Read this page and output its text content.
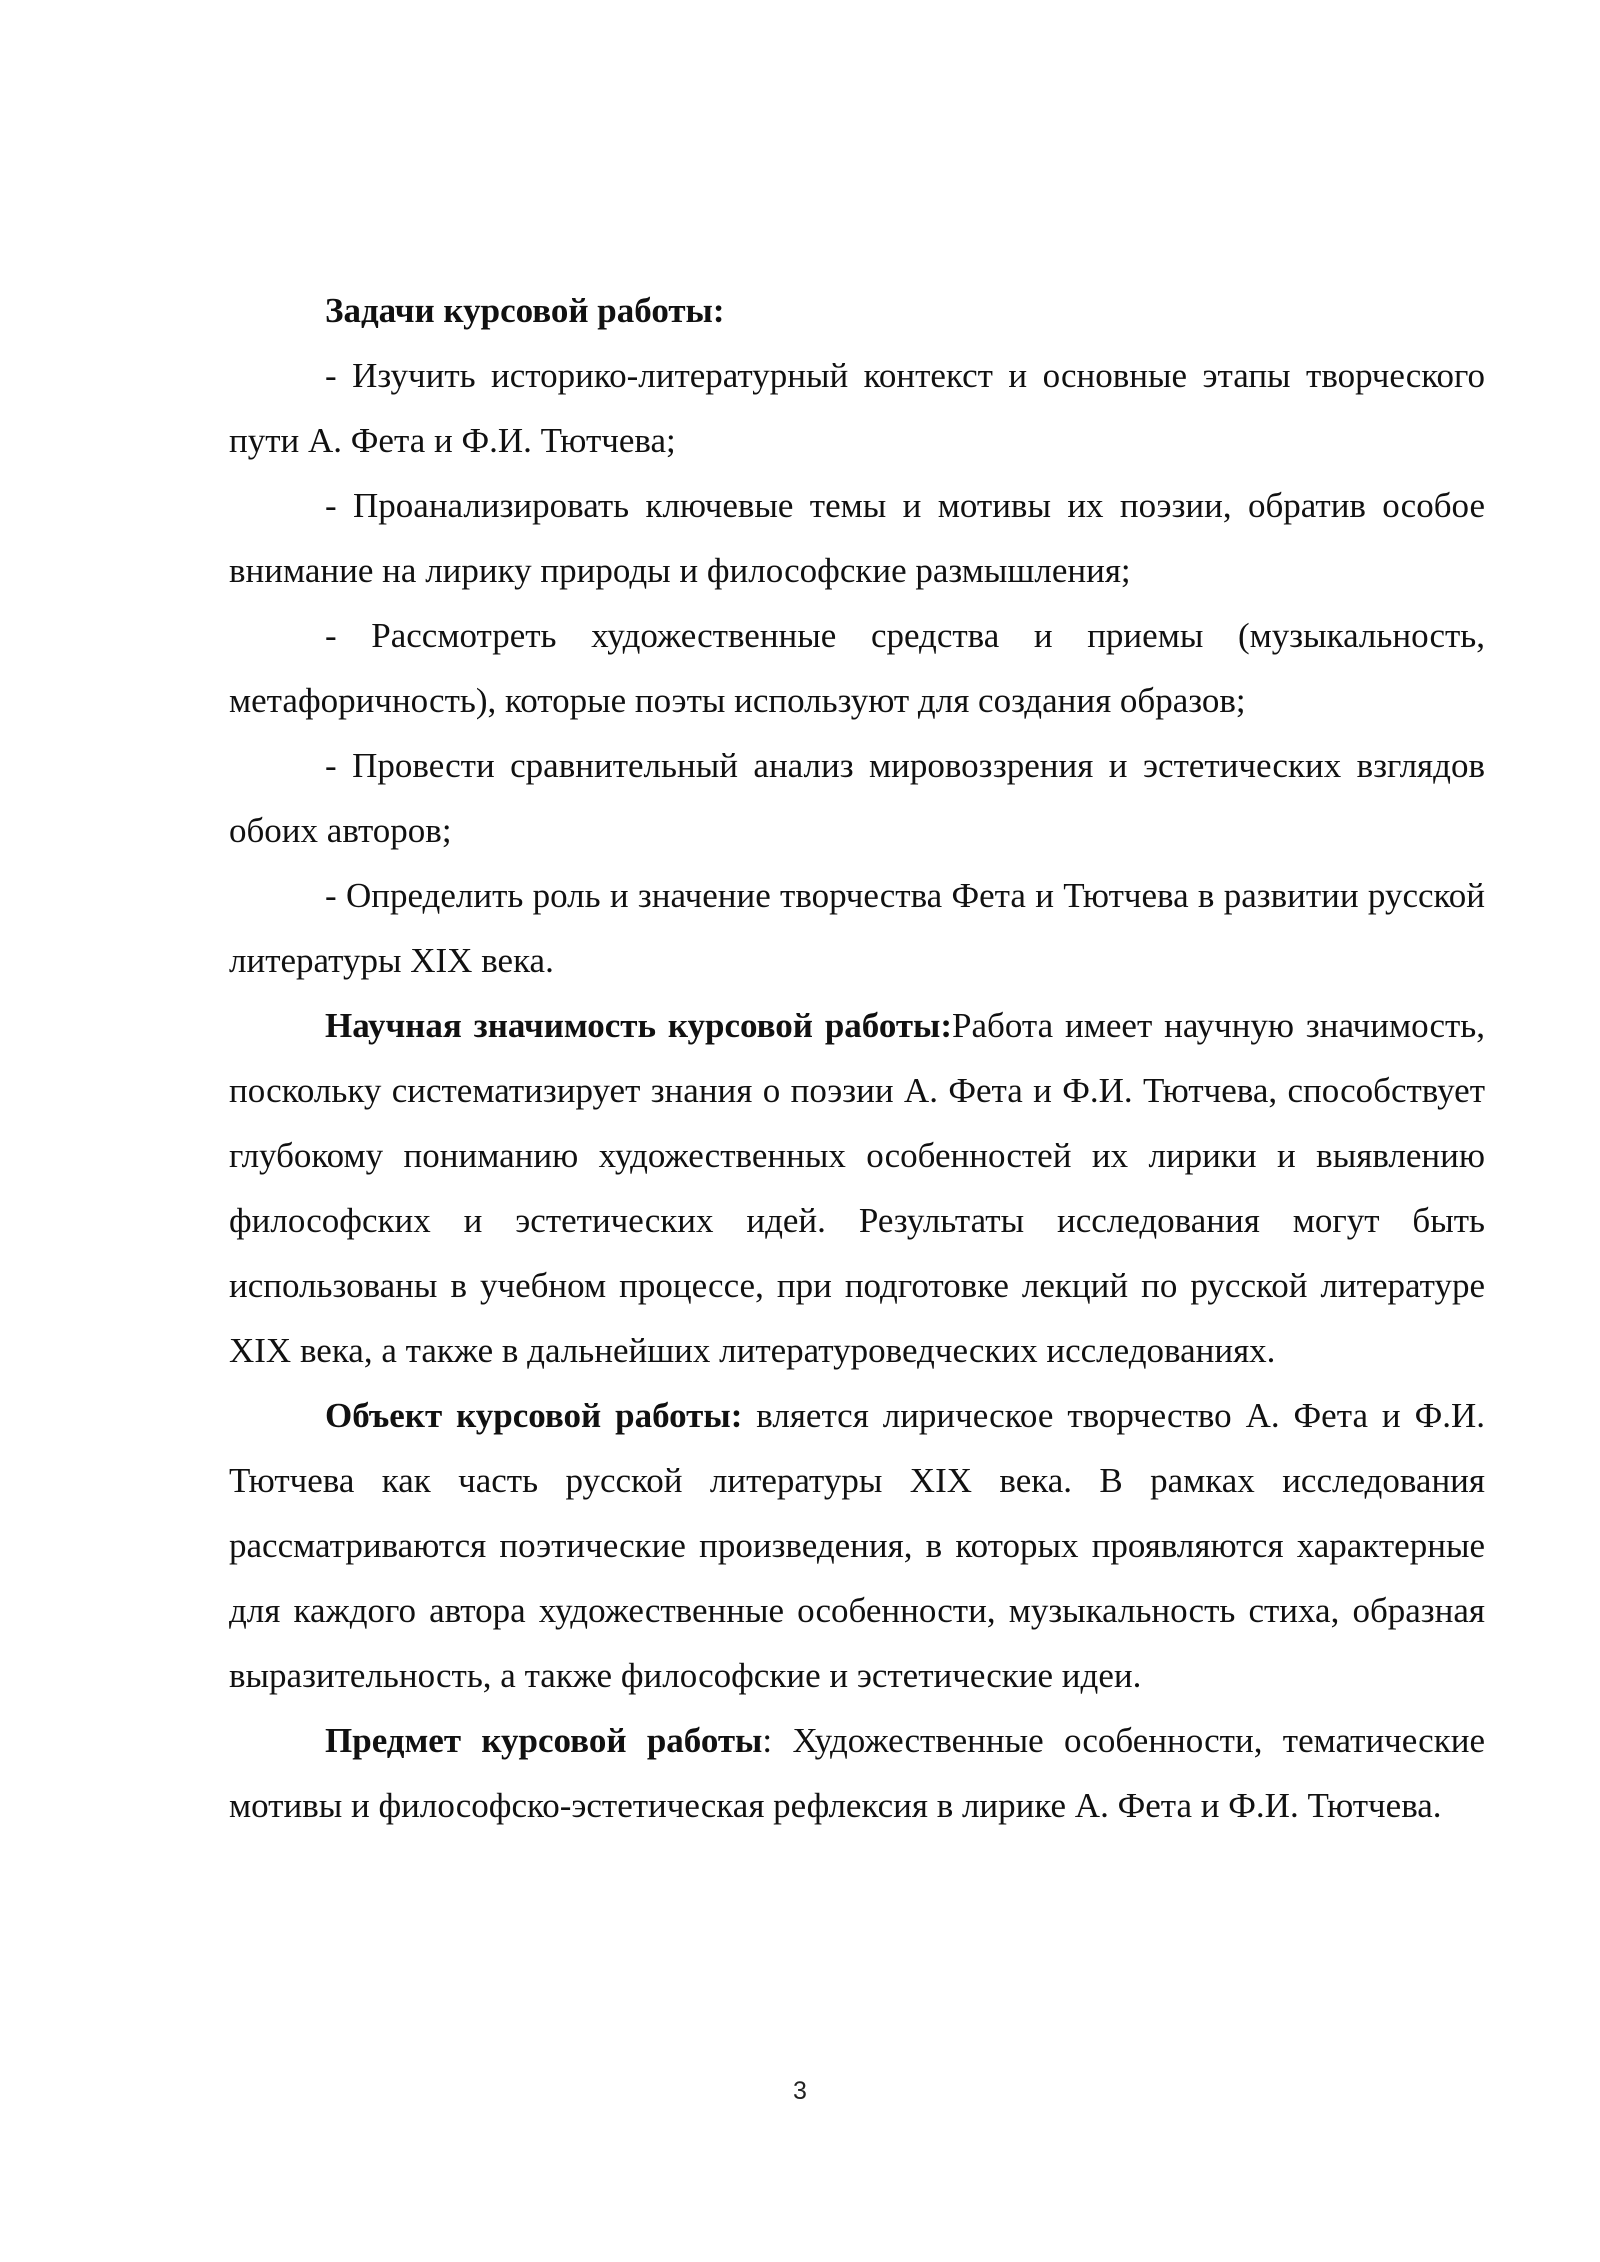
Задачи курсовой работы:

- Изучить историко-литературный контекст и основные этапы творческого пути А. Фета и Ф.И. Тютчева;

- Проанализировать ключевые темы и мотивы их поэзии, обратив особое внимание на лирику природы и философские размышления;

- Рассмотреть художественные средства и приемы (музыкальность, метафоричность), которые поэты используют для создания образов;

- Провести сравнительный анализ мировоззрения и эстетических взглядов обоих авторов;

- Определить роль и значение творчества Фета и Тютчева в развитии русской литературы XIX века.

Научная значимость курсовой работы:Работа имеет научную значимость, поскольку систематизирует знания о поэзии А. Фета и Ф.И. Тютчева, способствует глубокому пониманию художественных особенностей их лирики и выявлению философских и эстетических идей. Результаты исследования могут быть использованы в учебном процессе, при подготовке лекций по русской литературе XIX века, а также в дальнейших литературоведческих исследованиях.

Объект курсовой работы: вляется лирическое творчество А. Фета и Ф.И. Тютчева как часть русской литературы XIX века. В рамках исследования рассматриваются поэтические произведения, в которых проявляются характерные для каждого автора художественные особенности, музыкальность стиха, образная выразительность, а также философские и эстетические идеи.

Предмет курсовой работы: Художественные особенности, тематические мотивы и философско-эстетическая рефлексия в лирике А. Фета и Ф.И. Тютчева.

3
